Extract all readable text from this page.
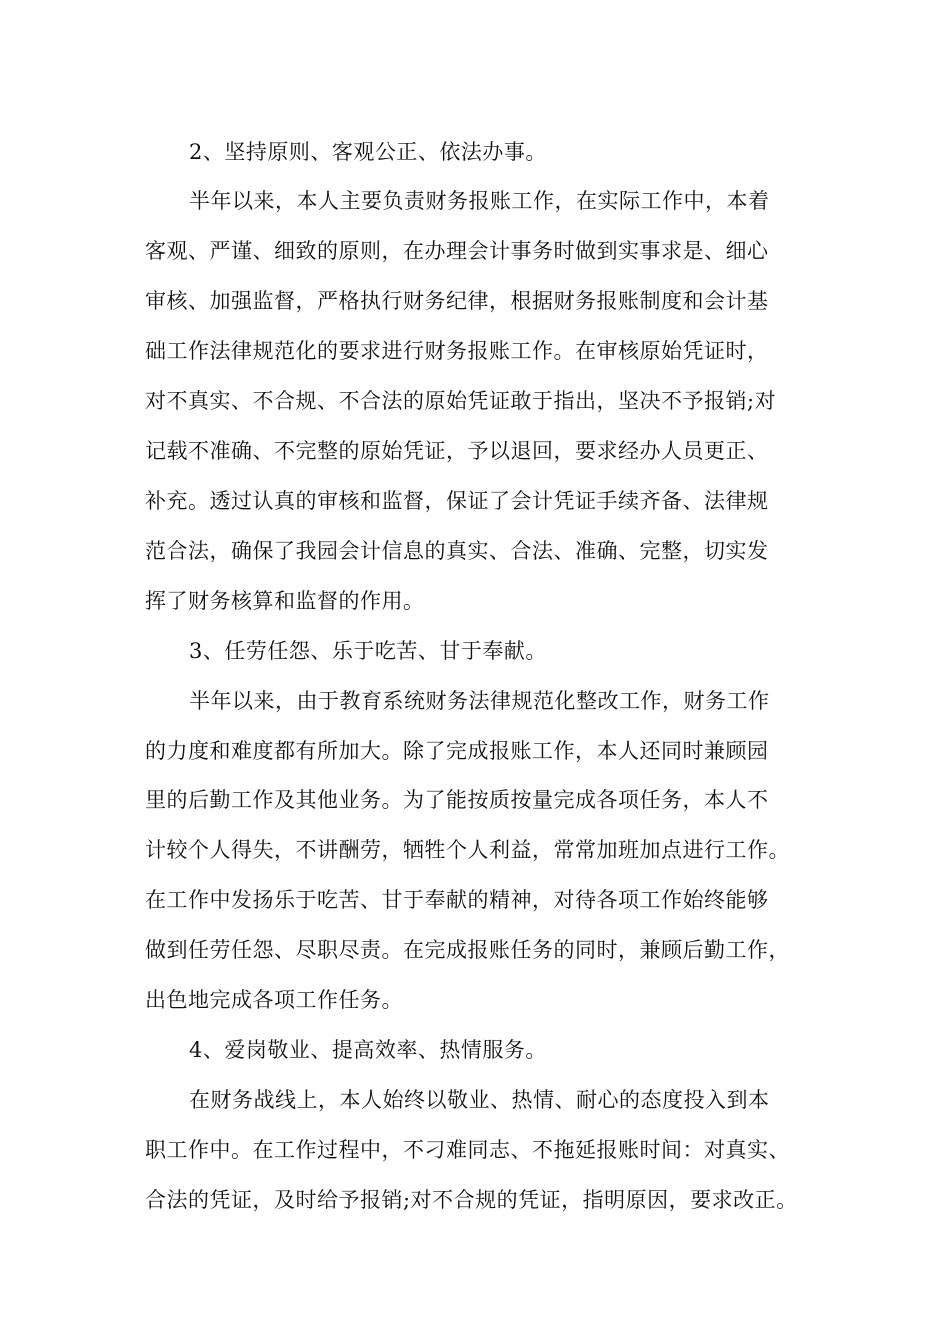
2、坚持原则、客观公正、依法办事。
半年以来，本人主要负责财务报账工作，在实际工作中，本着
客观、严谨、细致的原则，在办理会计事务时做到实事求是、细心
审核、加强监督，严格执行财务纪律，根据财务报账制度和会计基
础工作法律规范化的要求进行财务报账工作。在审核原始凭证时，
对不真实、不合规、不合法的原始凭证敢于指出，坚决不予报销;对
记载不准确、不完整的原始凭证，予以退回，要求经办人员更正、
补充。透过认真的审核和监督，保证了会计凭证手续齐备、法律规
范合法，确保了我园会计信息的真实、合法、准确、完整，切实发
挥了财务核算和监督的作用。
3、任劳任怨、乐于吃苦、甘于奉献。
半年以来，由于教育系统财务法律规范化整改工作，财务工作
的力度和难度都有所加大。除了完成报账工作，本人还同时兼顾园
里的后勤工作及其他业务。为了能按质按量完成各项任务，本人不
计较个人得失，不讲酬劳，牺牲个人利益，常常加班加点进行工作。
在工作中发扬乐于吃苦、甘于奉献的精神，对待各项工作始终能够
做到任劳任怨、尽职尽责。在完成报账任务的同时，兼顾后勤工作，
出色地完成各项工作任务。
4、爱岗敬业、提高效率、热情服务。
在财务战线上，本人始终以敬业、热情、耐心的态度投入到本
职工作中。在工作过程中，不刁难同志、不拖延报账时间：对真实、
合法的凭证，及时给予报销;对不合规的凭证，指明原因，要求改正。
